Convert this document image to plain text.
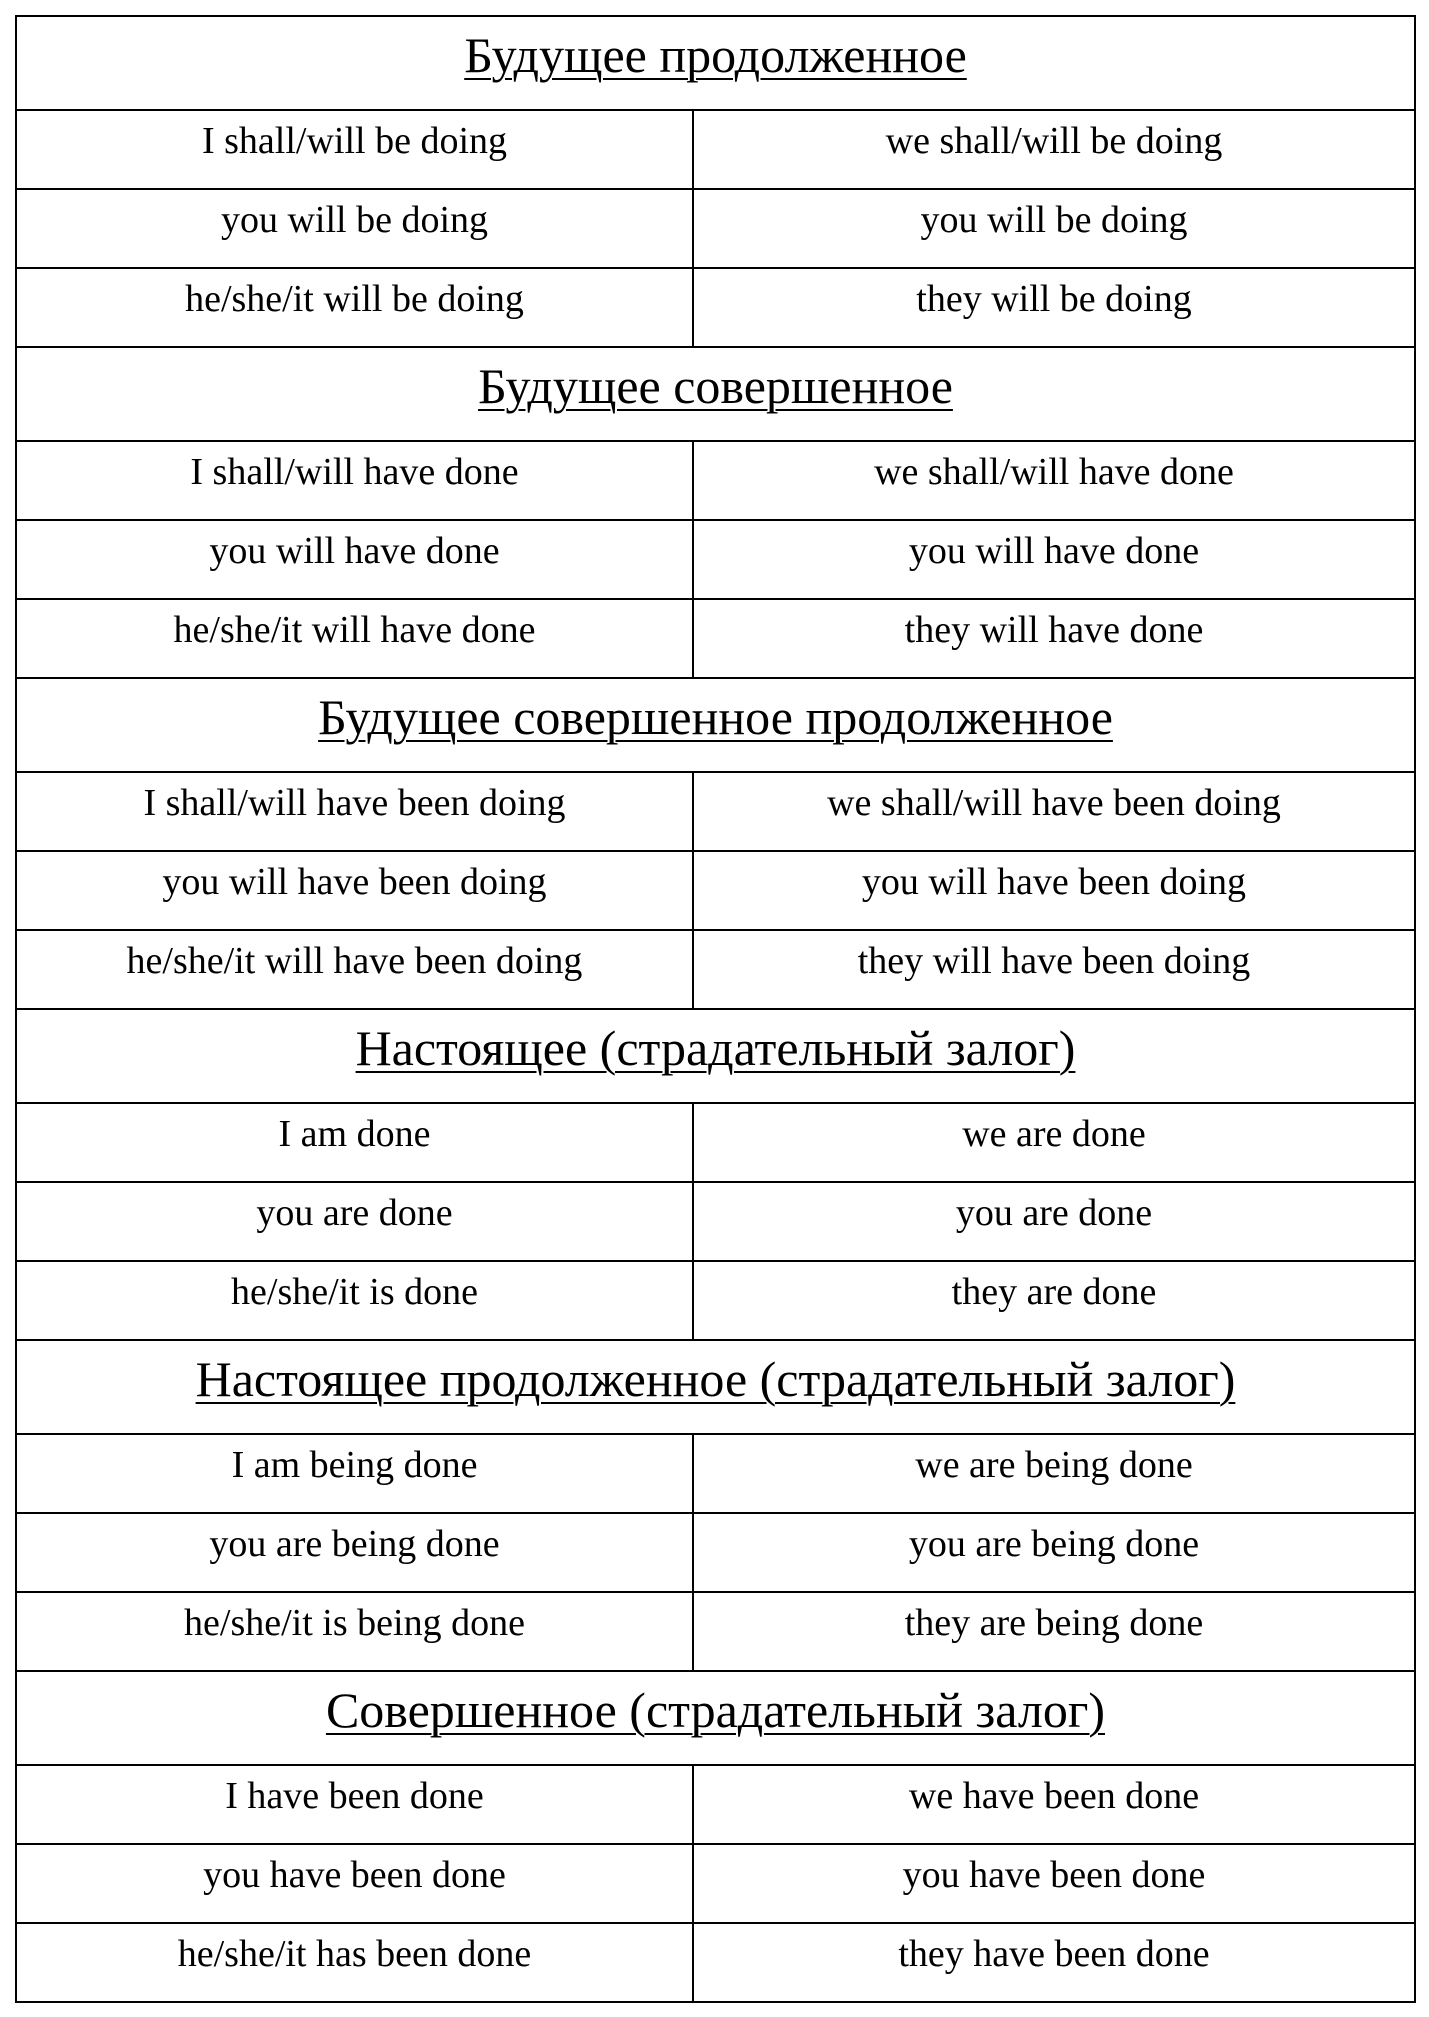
Будущее продолженное	

I shall/will be doing	we shall/will be doing

you will be doing	you will be doing

he/she/it will be doing	they will be doing

Будущее совершенное	

I shall/will have done	we shall/will have done

you will have done	you will have done

he/she/it will have done	they will have done

Будущее совершенное продолженное	

I shall/will have been doing	we shall/will have been doing

you will have been doing	you will have been doing

he/she/it will have been doing	they will have been doing

Настоящее (страдательный залог)	

I am done	we are done

you are done	you are done

he/she/it is done	they are done

Настоящее продолженное (страдательный залог)	

I am being done	we are being done

you are being done	you are being done

he/she/it is being done	they are being done

Совершенное (страдательный залог)	

I have been done	we have been done

you have been done	you have been done

he/she/it has been done	they have been done
